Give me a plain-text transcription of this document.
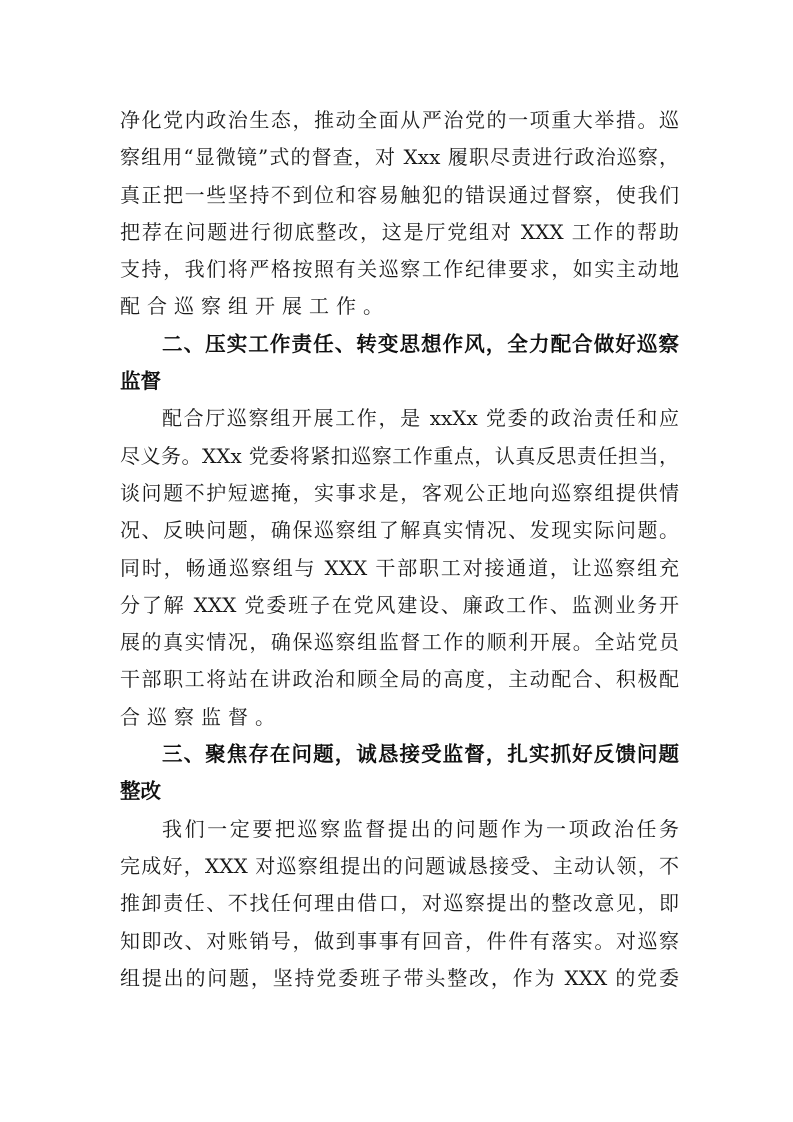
净化党内政治生态，推动全面从严治党的一项重大举措。巡
察组用“显微镜”式的督查，对 Xxx 履职尽责进行政治巡察，
真正把一些坚持不到位和容易触犯的错误通过督察，使我们
把荐在问题进行彻底整改，这是厅党组对 XXX 工作的帮助
支持，我们将严格按照有关巡察工作纪律要求，如实主动地
配合巡察组开展工作。
二、压实工作责任、转变思想作风，全力配合做好巡察
监督
配合厅巡察组开展工作，是 xxXx 党委的政治责任和应
尽义务。XXx 党委将紧扣巡察工作重点，认真反思责任担当，
谈问题不护短遮掩，实事求是，客观公正地向巡察组提供情
况、反映问题，确保巡察组了解真实情况、发现实际问题。
同时，畅通巡察组与 XXX 干部职工对接通道，让巡察组充
分了解 XXX 党委班子在党风建设、廉政工作、监测业务开
展的真实情况，确保巡察组监督工作的顺利开展。全站党员
干部职工将站在讲政治和顾全局的高度，主动配合、积极配
合巡察监督。
三、聚焦存在问题，诚恳接受监督，扎实抓好反馈问题
整改
我们一定要把巡察监督提出的问题作为一项政治任务
完成好，XXX 对巡察组提出的问题诚恳接受、主动认领，不
推卸责任、不找任何理由借口，对巡察提出的整改意见，即
知即改、对账销号，做到事事有回音，件件有落实。对巡察
组提出的问题，坚持党委班子带头整改，作为 XXX 的党委
